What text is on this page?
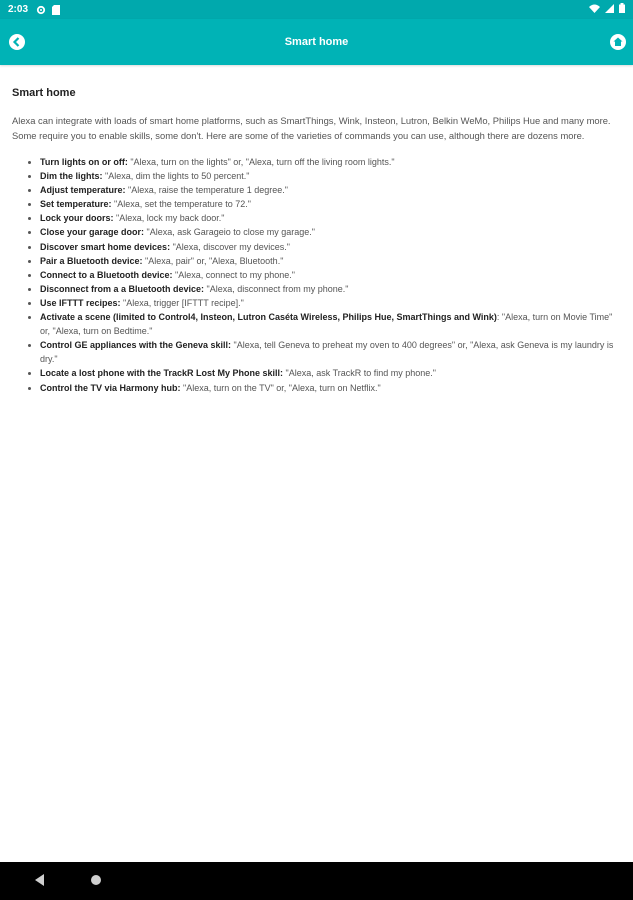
2:03
Smart home
Smart home

Alexa can integrate with loads of smart home platforms, such as SmartThings, Wink, Insteon, Lutron, Belkin WeMo, Philips Hue and many more. Some require you to enable skills, some don't. Here are some of the varieties of commands you can use, although there are dozens more.

• Turn lights on or off: "Alexa, turn on the lights" or, "Alexa, turn off the living room lights."
• Dim the lights: "Alexa, dim the lights to 50 percent."
• Adjust temperature: "Alexa, raise the temperature 1 degree."
• Set temperature: "Alexa, set the temperature to 72."
• Lock your doors: "Alexa, lock my back door."
• Close your garage door: "Alexa, ask Garageio to close my garage."
• Discover smart home devices: "Alexa, discover my devices."
• Pair a Bluetooth device: "Alexa, pair" or, "Alexa, Bluetooth."
• Connect to a Bluetooth device: "Alexa, connect to my phone."
• Disconnect from a a Bluetooth device: "Alexa, disconnect from my phone."
• Use IFTTT recipes: "Alexa, trigger [IFTTT recipe]."
• Activate a scene (limited to Control4, Insteon, Lutron Caséta Wireless, Philips Hue, SmartThings and Wink): "Alexa, turn on Movie Time" or, "Alexa, turn on Bedtime."
• Control GE appliances with the Geneva skill: "Alexa, tell Geneva to preheat my oven to 400 degrees" or, "Alexa, ask Geneva is my laundry is dry."
• Locate a lost phone with the TrackR Lost My Phone skill: "Alexa, ask TrackR to find my phone."
• Control the TV via Harmony hub: "Alexa, turn on the TV" or, "Alexa, turn on Netflix."
